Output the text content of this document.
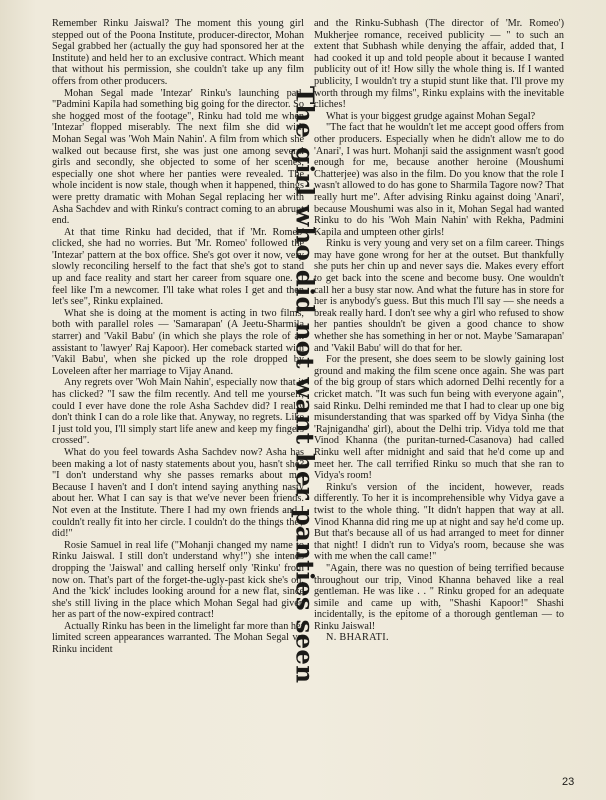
Remember Rinku Jaiswal? The moment this young girl stepped out of the Poona Institute, producer-director, Mohan Segal grabbed her (actually the guy had sponsored her at the Institute) and held her to an exclusive contract. Which meant that without his permission, she couldn't take up any film offers from other producers.

Mohan Segal made 'Intezar' Rinku's launching pad. "Padmini Kapila had something big going for the director. So she hogged most of the footage", Rinku had told me when 'Intezar' flopped miserably. The next film she did with Mohan Segal was 'Woh Main Nahin'. A film from which she walked out because first, she was just one among several girls and secondly, she objected to some of her scenes, especially one shot where her panties were revealed. The whole incident is now stale, though when it happened, things were pretty dramatic with Mohan Segal replacing her with Asha Sachdev and with Rinku's contract coming to an abrupt end.

At that time Rinku had decided, that if 'Mr. Romeo' clicked, she had no worries. But 'Mr. Romeo' followed the 'Intezar' pattern at the box office. She's got over it now, very slowly reconciling herself to the fact that she's got to stand up and face reality and start her career from square one. "I feel like I'm a newcomer. I'll take what roles I get and then let's see", Rinku explained.

What she is doing at the moment is acting in two films, both with parallel roles — 'Samarapan' (A Jeetu-Sharmila starrer) and 'Vakil Babu' (in which she plays the role of an assistant to 'lawyer' Raj Kapoor). Her comeback started with 'Vakil Babu', when she picked up the role dropped by Loveleen after her marriage to Vijay Anand.

Any regrets over 'Woh Main Nahin', especially now that it has clicked? "I saw the film recently. And tell me yourself, could I ever have done the role Asha Sachdev did? I really don't think I can do a role like that. Anyway, no regrets. Like I just told you, I'll simply start life anew and keep my fingers crossed".

What do you feel towards Asha Sachdev now? Asha has been making a lot of nasty statements about you, hasn't she? "I don't understand why she passes remarks about me. Because I haven't and I don't intend saying anything nasty about her. What I can say is that we've never been friends. Not even at the Institute. There I had my own friends and I couldn't really fit into her circle. I couldn't do the things they did!"

Rosie Samuel in real life ("Mohanji changed my name to Rinku Jaiswal. I still don't understand why!") she intends dropping the 'Jaiswal' and calling herself only 'Rinku' from now on. That's part of the forget-the-ugly-past kick she's on. And the 'kick' includes looking around for a new flat, since she's still living in the place which Mohan Segal had given her as part of the now-expired contract!

Actually Rinku has been in the limelight far more than her limited screen appearances warranted. The Mohan Segal vs. Rinku incident

and the Rinku-Subhash (The director of 'Mr. Romeo') Mukherjee romance, received publicity — " to such an extent that Subhash while denying the affair, added that, I had cooked it up and told people about it because I wanted publicity out of it! How silly the whole thing is. If I wanted publicity, I wouldn't try a stupid stunt like that. I'll prove my worth through my films", Rinku explains with the inevitable cliches!

What is your biggest grudge against Mohan Segal?

"The fact that he wouldn't let me accept good offers from other producers. Especially when he didn't allow me to do 'Anari', I was hurt. Mohanji said the assignment wasn't good enough for me, because another heroine (Moushumi Chatterjee) was also in the film. Do you know that the role I wasn't allowed to do has gone to Sharmila Tagore now? That really hurt me". After advising Rinku against doing 'Anari', because Moushumi was also in it, Mohan Segal had wanted Rinku to do his 'Woh Main Nahin' with Rekha, Padmini Kapila and umpteen other girls!

Rinku is very young and very set on a film career. Things may have gone wrong for her at the outset. But thankfully she puts her chin up and never says die. Makes every effort to get back into the scene and become busy. One wouldn't call her a busy star now. And what the future has in store for her is anybody's guess. But this much I'll say — she needs a break really hard. I don't see why a girl who refused to show her panties shouldn't be given a good chance to show whether she has something in her or not. Maybe 'Samarapan' and 'Vakil Babu' will do that for her.

For the present, she does seem to be slowly gaining lost ground and making the film scene once again. She was part of the big group of stars which adorned Delhi recently for a cricket match. "It was such fun being with everyone again", said Rinku. Delhi reminded me that I had to clear up one big misunderstanding that was sparked off by Vidya Sinha (the 'Rajnigandha' girl), about the Delhi trip. Vidya told me that Vinod Khanna (the puritan-turned-Casanova) had called Rinku well after midnight and said that he'd come up and meet her. The call terrified Rinku so much that she ran to Vidya's room!

Rinku's version of the incident, however, reads differently. To her it is incomprehensible why Vidya gave a twist to the whole thing. "It didn't happen that way at all. Vinod Khanna did ring me up at night and say he'd come up. But that's because all of us had arranged to meet for dinner that night! I didn't run to Vidya's room, because she was with me when the call came!"

"Again, there was no question of being terrified because throughout our trip, Vinod Khanna behaved like a real gentleman. He was like . . " Rinku groped for an adequate simile and came up with, "Shashi Kapoor!" Shashi incidentally, is the epitome of a thorough gentleman — to Rinku Jaiswal!

N. BHARATI.

The girl who did not want her panties seen
23
